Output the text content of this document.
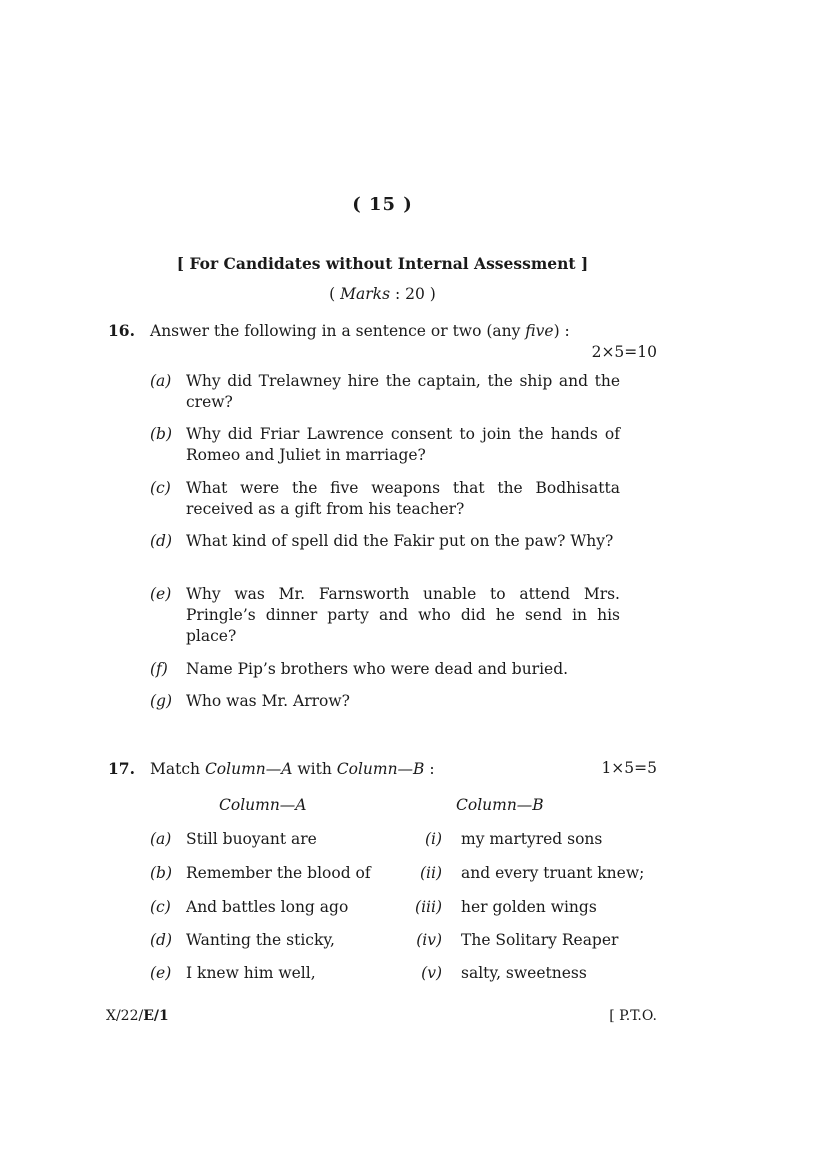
( 15 )
[ For Candidates without Internal Assessment ]
( Marks : 20 )
16. Answer the following in a sentence or two (any five) :
2×5=10
(a) Why did Trelawney hire the captain, the ship and the crew?
(b) Why did Friar Lawrence consent to join the hands of Romeo and Juliet in marriage?
(c) What were the five weapons that the Bodhisatta received as a gift from his teacher?
(d) What kind of spell did the Fakir put on the paw? Why?
(e) Why was Mr. Farnsworth unable to attend Mrs. Pringle’s dinner party and who did he send in his place?
(f) Name Pip’s brothers who were dead and buried.
(g) Who was Mr. Arrow?
17. Match Column—A with Column—B :	1×5=5
Column—A	Column—B
(a) Still buoyant are	(i) my martyred sons
(b) Remember the blood of	(ii) and every truant knew;
(c) And battles long ago	(iii) her golden wings
(d) Wanting the sticky,	(iv) The Solitary Reaper
(e) I knew him well,	(v) salty, sweetness
X/22/E/1	[ P.T.O.
